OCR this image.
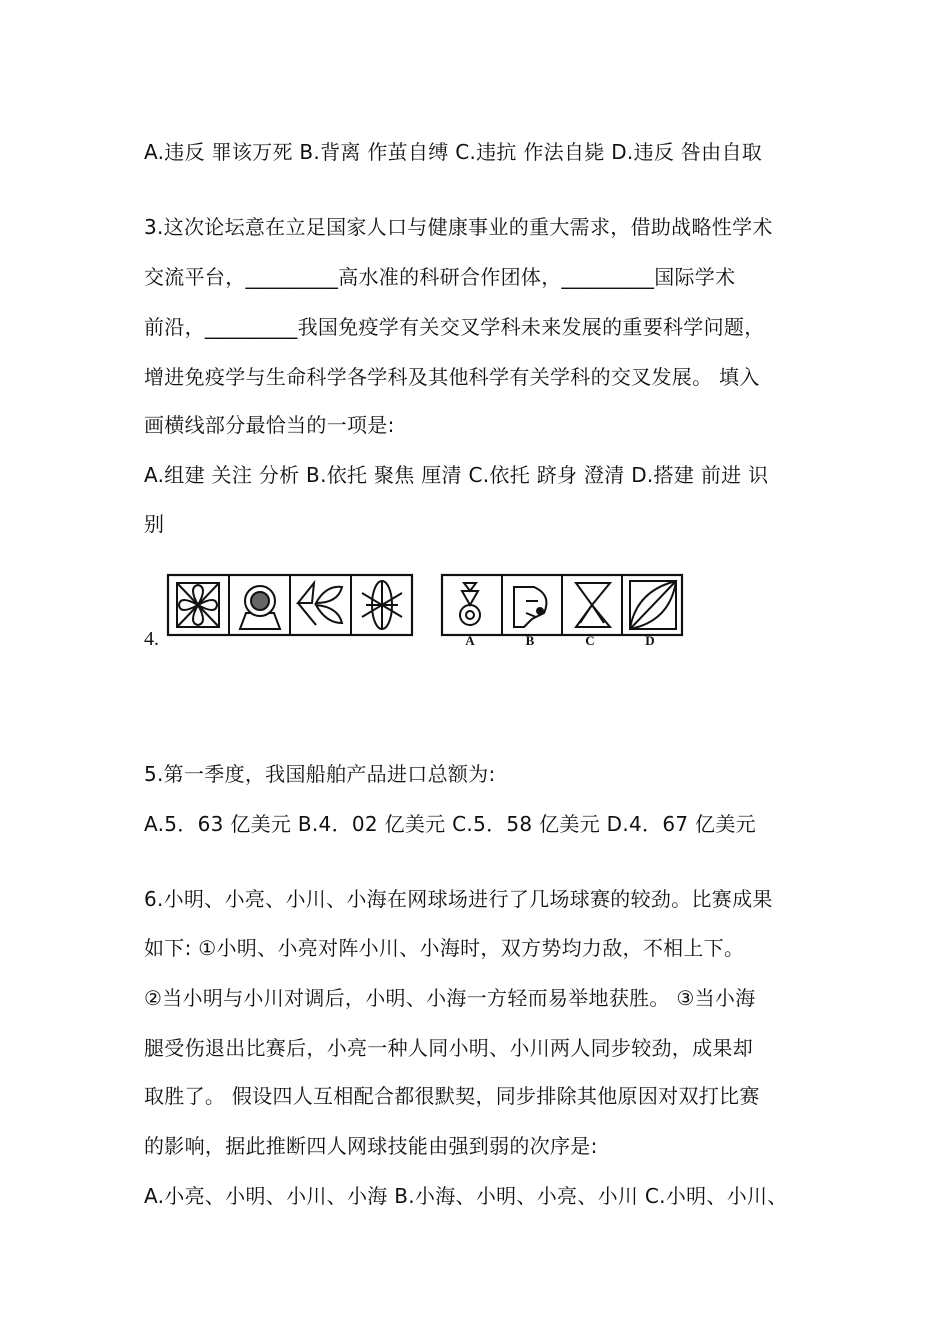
A.违反 罪该万死 B.背离 作茧自缚 C.违抗 作法自毙 D.违反 咎由自取
3.这次论坛意在立足国家人口与健康事业的重大需求，借助战略性学术
交流平台，_________高水准的科研合作团体，_________国际学术
前沿，_________我国免疫学有关交叉学科未来发展的重要科学问题，
增进免疫学与生命科学各学科及其他科学有关学科的交叉发展。 填入
画横线部分最恰当的一项是:
A.组建 关注 分析 B.依托 聚焦 厘清 C.依托 跻身 澄清 D.搭建 前进 识
别
4.	A	B	C	D
5.第一季度，我国船舶产品进口总额为:
A.5．63 亿美元 B.4．02 亿美元 C.5．58 亿美元 D.4．67 亿美元
6.小明、小亮、小川、小海在网球场进行了几场球赛的较劲。比赛成果
如下: ①小明、小亮对阵小川、小海时，双方势均力敌，不相上下。
②当小明与小川对调后，小明、小海一方轻而易举地获胜。 ③当小海
腿受伤退出比赛后，小亮一种人同小明、小川两人同步较劲，成果却
取胜了。 假设四人互相配合都很默契，同步排除其他原因对双打比赛
的影响，据此推断四人网球技能由强到弱的次序是:
A.小亮、小明、小川、小海 B.小海、小明、小亮、小川 C.小明、小川、
